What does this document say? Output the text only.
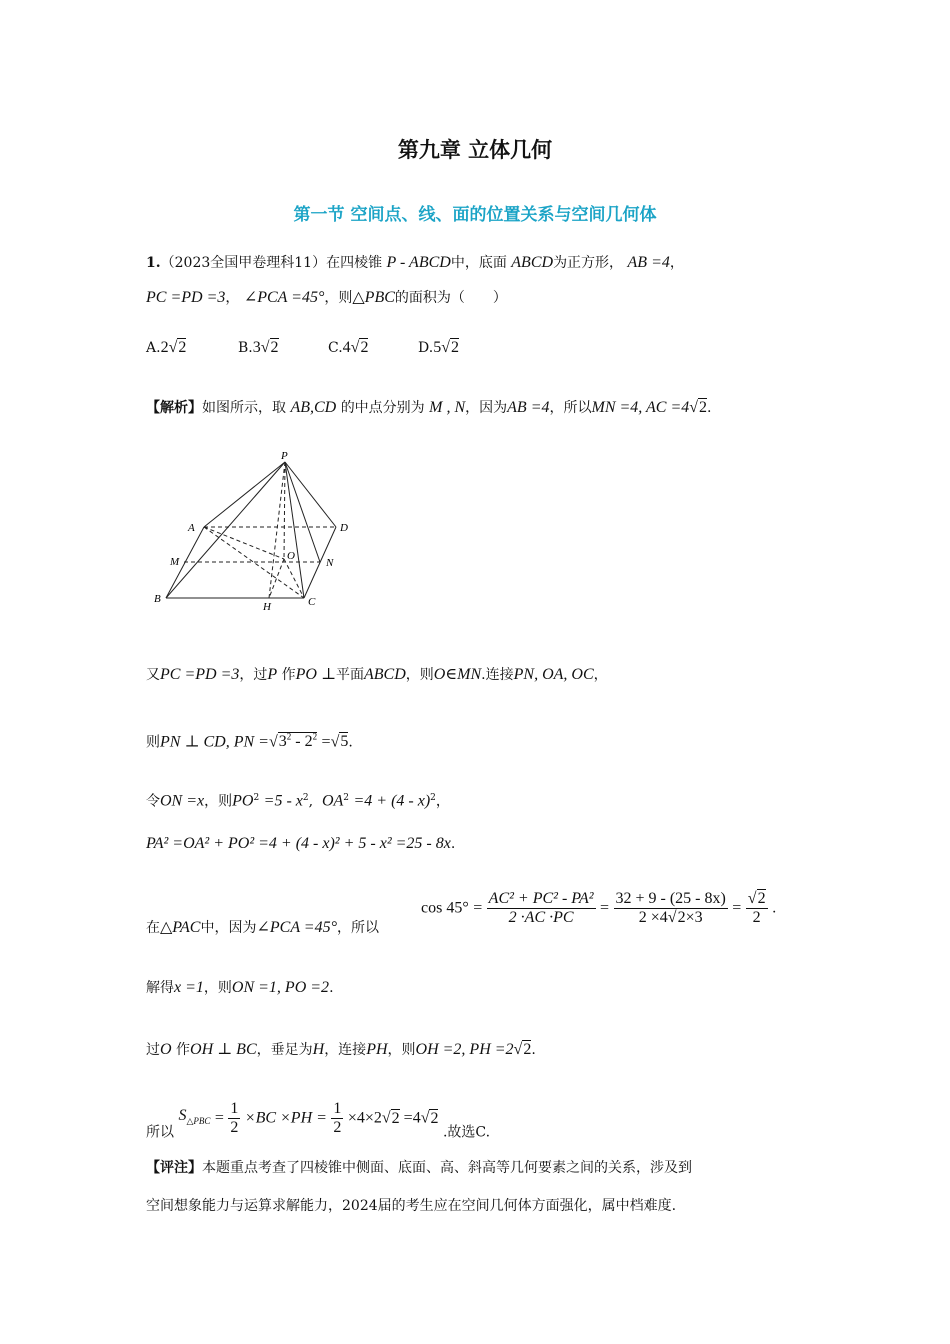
第九章 立体几何
第一节 空间点、线、面的位置关系与空间几何体
1.（2023全国甲卷理科11）在四棱锥 P - ABCD中，底面 ABCD为正方形， AB =4，
PC =PD =3， ∠PCA =45°，则△PBC的面积为（　　）
A.2√2	B.3√2	C.4√2	D.5√2
【解析】如图所示，取 AB,CD 的中点分别为 M , N，因为AB =4，所以MN =4, AC =4√2.
P
A	D
M	O
N
B
H	C
又PC =PD =3，过P 作PO ⊥平面ABCD，则O∈MN.连接PN, OA, OC，
则PN ⊥ CD, PN $=√3^2 - 2^2 =√5$.
令ON =x，则$PO^2 =5 - x^2$,  $OA^2 =4 + (4 - x)^2$，
PA² =OA² + PO² =4 + (4 - x)² + 5 - x² =25 - 8x.
在△PAC中，因为∠PCA =45°，所以
$\cos 45^\circ = \frac{\text{AC² + PC² - PA²}}{2 \cdot AC \cdot PC} = \frac{32 + 9 - (25 - 8x)}{2 \times 4√2\times 3} = \frac{√2}{2}$ .
解得x =1，则ON =1, PO =2.
过O 作OH ⊥ BC，垂足为H，连接PH，则OH =2, PH =2√2.
所以 $S_{\triangle PBC} = \frac{1}{2} \times BC \times PH = \frac{1}{2} \times 4\times 2√2 =4√2$ .故选C.
【评注】本题重点考查了四棱锥中侧面、底面、高、斜高等几何要素之间的关系，涉及到
空间想象能力与运算求解能力，2024届的考生应在空间几何体方面强化，属中档难度.
